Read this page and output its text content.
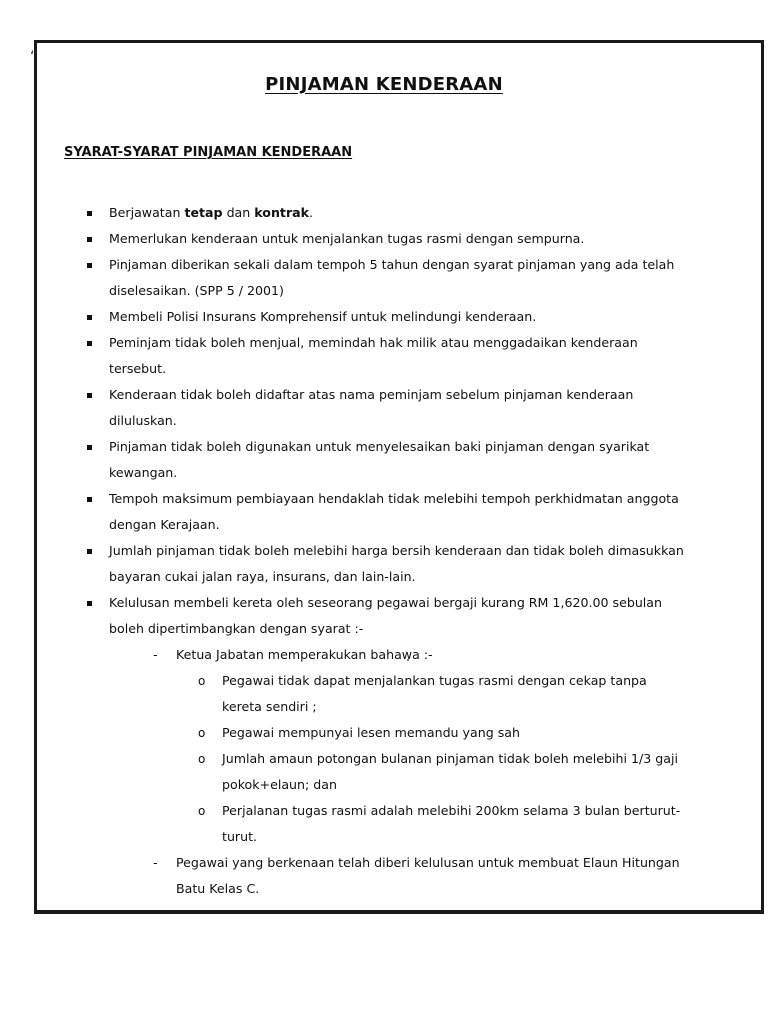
“
PINJAMAN KENDERAAN
SYARAT-SYARAT PINJAMAN KENDERAAN
Berjawatan tetap dan kontrak.
Memerlukan kenderaan untuk menjalankan tugas rasmi dengan sempurna.
Pinjaman diberikan sekali dalam tempoh 5 tahun dengan syarat pinjaman yang ada telah diselesaikan. (SPP 5 / 2001)
Membeli Polisi Insurans Komprehensif untuk melindungi kenderaan.
Peminjam tidak boleh menjual, memindah hak milik atau menggadaikan kenderaan tersebut.
Kenderaan tidak boleh didaftar atas nama peminjam sebelum pinjaman kenderaan diluluskan.
Pinjaman tidak boleh digunakan untuk menyelesaikan baki pinjaman dengan syarikat kewangan.
Tempoh maksimum pembiayaan hendaklah tidak melebihi tempoh perkhidmatan anggota dengan Kerajaan.
Jumlah pinjaman tidak boleh melebihi harga bersih kenderaan dan tidak boleh dimasukkan bayaran cukai jalan raya, insurans, dan lain-lain.
Kelulusan membeli kereta oleh seseorang pegawai bergaji kurang RM 1,620.00 sebulan boleh dipertimbangkan dengan syarat :-
- Ketua Jabatan memperakukan bahawa :-
o Pegawai tidak dapat menjalankan tugas rasmi dengan cekap tanpa kereta sendiri ;
o Pegawai mempunyai lesen memandu yang sah
o Jumlah amaun potongan bulanan pinjaman tidak boleh melebihi 1/3 gaji pokok+elaun; dan
o Perjalanan tugas rasmi adalah melebihi 200km selama 3 bulan berturut-turut.
- Pegawai yang berkenaan telah diberi kelulusan untuk membuat Elaun Hitungan Batu Kelas C.
